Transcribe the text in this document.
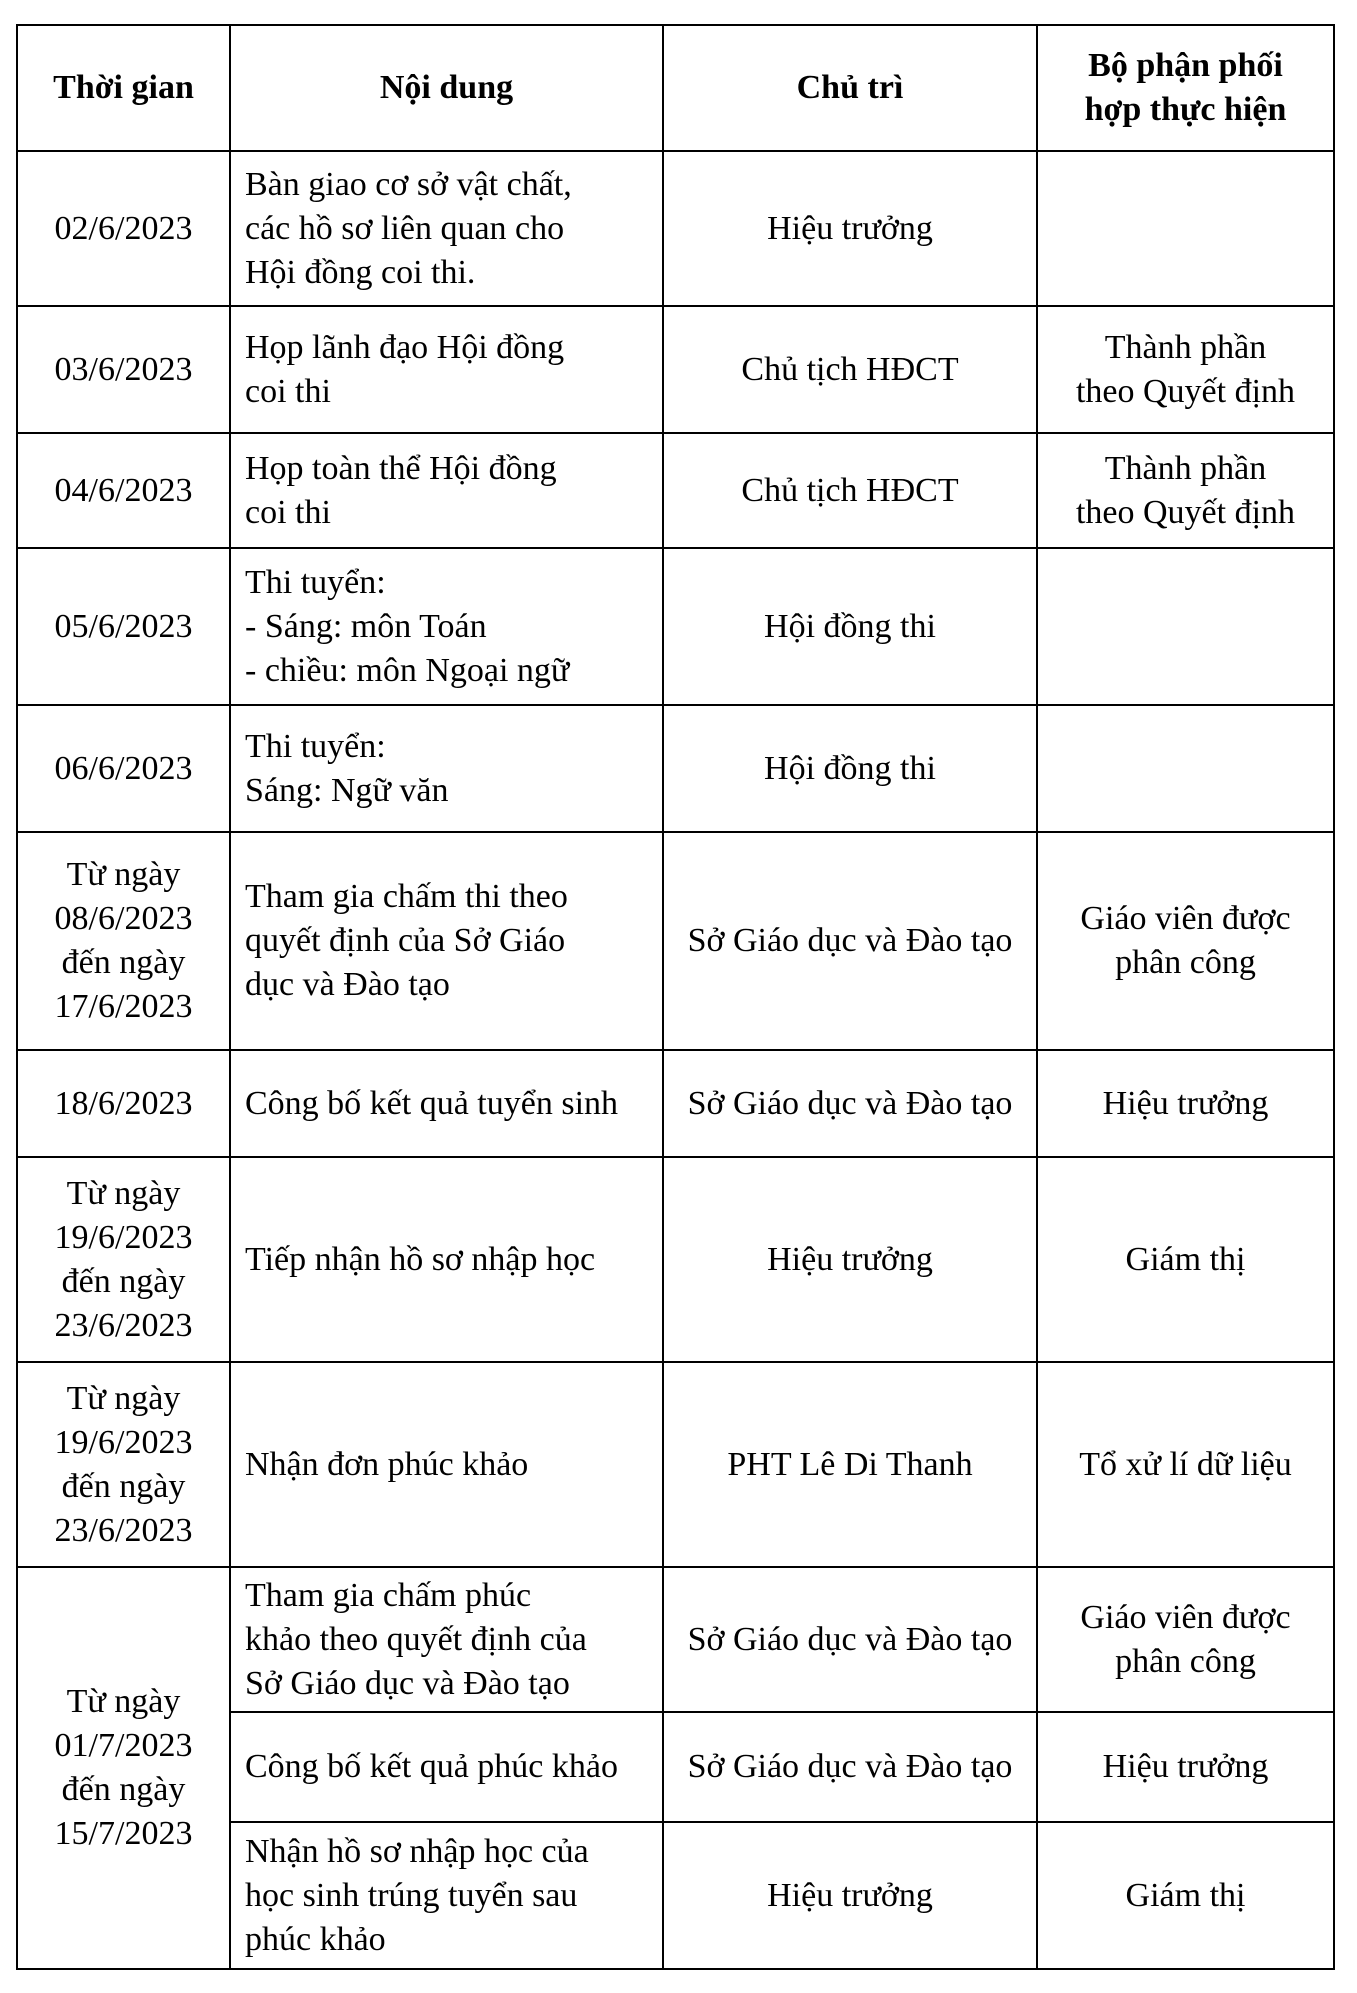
Thời gian	Nội dung	Chủ trì	Bộ phận phối
hợp thực hiện

02/6/2023	Bàn giao cơ sở vật chất,
các hồ sơ liên quan cho
Hội đồng coi thi.	Hiệu trưởng	

03/6/2023	Họp lãnh đạo Hội đồng
coi thi	Chủ tịch HĐCT	Thành phần
theo Quyết định

04/6/2023	Họp toàn thể Hội đồng
coi thi	Chủ tịch HĐCT	Thành phần
theo Quyết định

05/6/2023	Thi tuyển:
- Sáng: môn Toán
- chiều: môn Ngoại ngữ	Hội đồng thi	

06/6/2023	Thi tuyển:
Sáng: Ngữ văn	Hội đồng thi	

Từ ngày
08/6/2023
đến ngày
17/6/2023	Tham gia chấm thi theo
quyết định của Sở Giáo
dục và Đào tạo	Sở Giáo dục và Đào tạo	Giáo viên được
phân công

18/6/2023	Công bố kết quả tuyển sinh	Sở Giáo dục và Đào tạo	Hiệu trưởng

Từ ngày
19/6/2023
đến ngày
23/6/2023	Tiếp nhận hồ sơ nhập học	Hiệu trưởng	Giám thị

Từ ngày
19/6/2023
đến ngày
23/6/2023	Nhận đơn phúc khảo	PHT Lê Di Thanh	Tổ xử lí dữ liệu

Từ ngày
01/7/2023
đến ngày
15/7/2023	Tham gia chấm phúc
khảo theo quyết định của
Sở Giáo dục và Đào tạo	Sở Giáo dục và Đào tạo	Giáo viên được
phân công

	Công bố kết quả phúc khảo	Sở Giáo dục và Đào tạo	Hiệu trưởng

	Nhận hồ sơ nhập học của
học sinh trúng tuyển sau
phúc khảo	Hiệu trưởng	Giám thị
